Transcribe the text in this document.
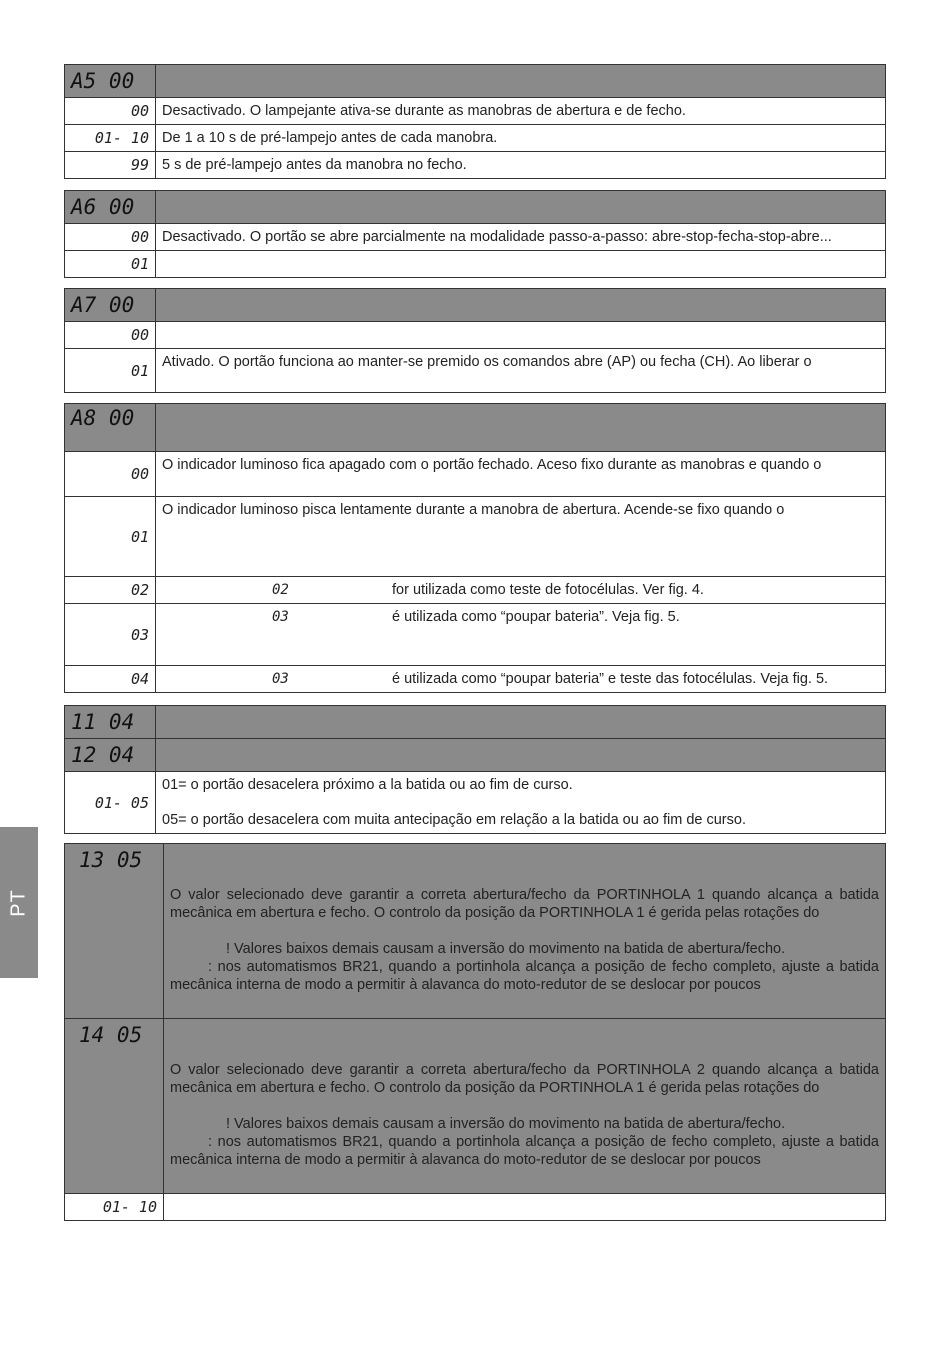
A5 00	
00	Desactivado. O lampejante ativa-se durante as manobras de abertura e de fecho.
01- 10	De 1 a 10 s de pré-lampejo antes de cada manobra.
99	5 s de pré-lampejo antes da manobra no fecho.
A6 00	
00	Desactivado. O portão se abre parcialmente na modalidade passo-a-passo: abre-stop-fecha-stop-abre...
01	
A7 00	
00	
01	Ativado. O portão funciona ao manter-se premido os comandos abre (AP) ou fecha (CH). Ao liberar o
A8 00	
00	O indicador luminoso fica apagado com o portão fechado. Aceso fixo durante as manobras e quando o
01	O indicador luminoso pisca lentamente durante a manobra de abertura. Acende-se fixo quando o
02	02 for utilizada como teste de fotocélulas. Ver fig. 4.
03	03 é utilizada como “poupar bateria”. Veja fig. 5.
04	03 é utilizada como “poupar bateria” e teste das fotocélulas. Veja fig. 5.
11 04	
12 04	
01- 05	01= o portão desacelera próximo a la batida ou ao fim de curso.
05= o portão desacelera com muita antecipação em relação a la batida ou ao fim de curso.
13 05	O valor selecionado deve garantir a correta abertura/fecho da PORTINHOLA 1 quando alcança a batida mecânica em abertura e fecho. O controlo da posição da PORTINHOLA 1 é gerida pelas rotações do
! Valores baixos demais causam a inversão do movimento na batida de abertura/fecho.
: nos automatismos BR21, quando a portinhola alcança a posição de fecho completo, ajuste a batida mecânica interna de modo a permitir à alavanca do moto-redutor de se deslocar por poucos

14 05	O valor selecionado deve garantir a correta abertura/fecho da PORTINHOLA 2 quando alcança a batida mecânica em abertura e fecho. O controlo da posição da PORTINHOLA 1 é gerida pelas rotações do
! Valores baixos demais causam a inversão do movimento na batida de abertura/fecho.
: nos automatismos BR21, quando a portinhola alcança a posição de fecho completo, ajuste a batida mecânica interna de modo a permitir à alavanca do moto-redutor de se deslocar por poucos

01- 10	
PT
